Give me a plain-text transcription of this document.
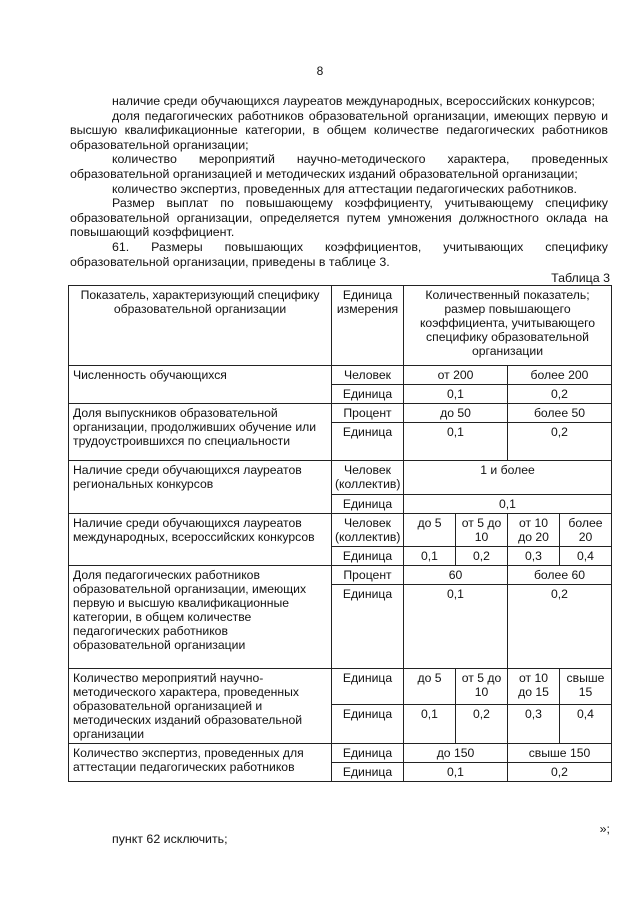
8

наличие среди обучающихся лауреатов международных, всероссийских конкурсов;

доля педагогических работников образовательной организации, имеющих первую и высшую квалификационные категории, в общем количестве педагогических работников образовательной организации;

количество мероприятий научно-методического характера, проведенных образовательной организацией и методических изданий образовательной организации;

количество экспертиз, проведенных для аттестации педагогических работников.

Размер выплат по повышающему коэффициенту, учитывающему специфику образовательной организации, определяется путем умножения должностного оклада на повышающий коэффициент.

61. Размеры повышающих коэффициентов, учитывающих специфику образовательной организации, приведены в таблице 3.

Таблица 3
Показатель, характеризующий специфику образовательной организации	Единица измерения	Количественный показатель; размер повышающего коэффициента, учитывающего специфику образовательной организации			
Численность обучающихся	Человек	от 200		более 200	
	Единица	0,1		0,2	
Доля выпускников образовательной организации, продолживших обучение или трудоустроившихся по специальности	Процент	до 50		более 50	
	Единица	0,1		0,2	
Наличие среди обучающихся лауреатов региональных конкурсов	Человек (коллектив)	1 и более			
	Единица	0,1			
Наличие среди обучающихся лауреатов международных, всероссийских конкурсов	Человек (коллектив)	до 5	от 5 до 10	от 10 до 20	более 20
	Единица	0,1	0,2	0,3	0,4
Доля педагогических работников образовательной организации, имеющих первую и высшую квалификационные категории, в общем количестве педагогических работников образовательной организации	Процент	60		более 60	
	Единица	0,1		0,2	
Количество мероприятий научно-методического характера, проведенных образовательной организацией и методических изданий образовательной организации	Единица	до 5	от 5 до 10	от 10 до 15	свыше 15
	Единица	0,1	0,2	0,3	0,4
Количество экспертиз, проведенных для аттестации педагогических работников	Единица	до 150		свыше 150	
	Единица	0,1		0,2	
»;
пункт 62 исключить;
